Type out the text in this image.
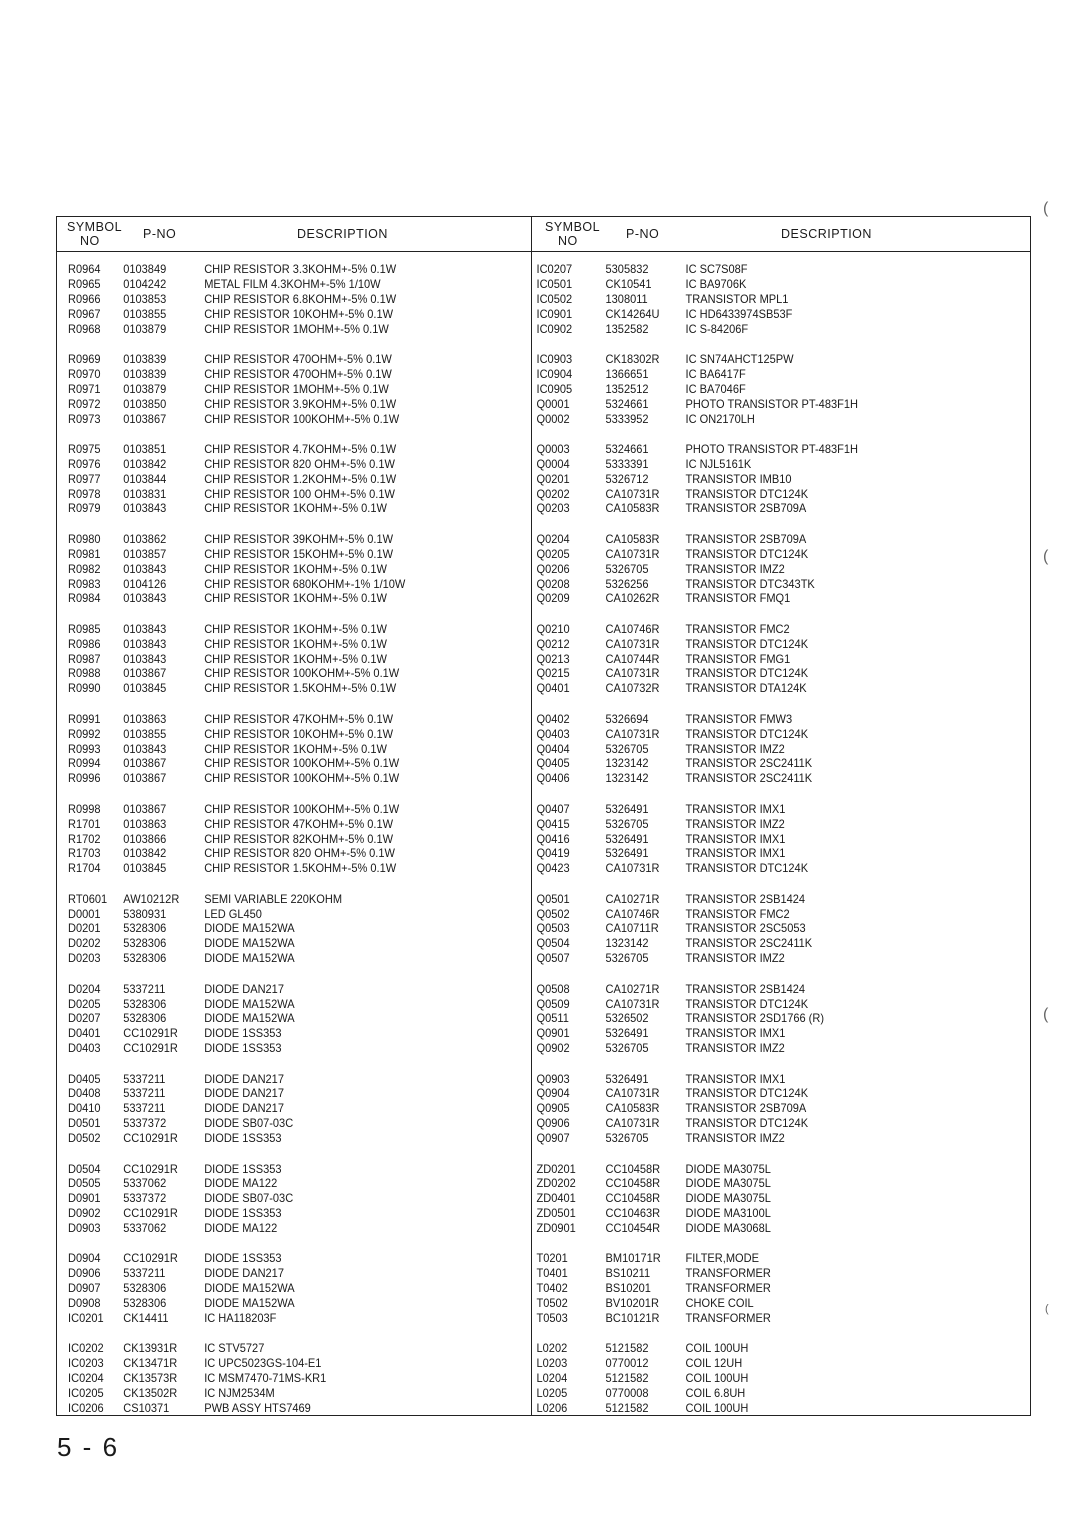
SYMBOL
NO	P-NO	DESCRIPTION
R0964 0103849	CHIP RESISTOR 3.3KOHM+-5% 0.1W
R0965 0104242	METAL FILM 4.3KOHM+-5% 1/10W
R0966 0103853	CHIP RESISTOR 6.8KOHM+-5% 0.1W
R0967 0103855	CHIP RESISTOR 10KOHM+-5% 0.1W
R0968 0103879	CHIP RESISTOR 1MOHM+-5% 0.1W
R0969 0103839	CHIP RESISTOR 470OHM+-5% 0.1W
R0970 0103839	CHIP RESISTOR 470OHM+-5% 0.1W
R0971 0103879	CHIP RESISTOR 1MOHM+-5% 0.1W
R0972 0103850	CHIP RESISTOR 3.9KOHM+-5% 0.1W
R0973 0103867	CHIP RESISTOR 100KOHM+-5% 0.1W
R0975 0103851	CHIP RESISTOR 4.7KOHM+-5% 0.1W
R0976 0103842	CHIP RESISTOR 820 OHM+-5% 0.1W
R0977 0103844	CHIP RESISTOR 1.2KOHM+-5% 0.1W
R0978 0103831	CHIP RESISTOR 100 OHM+-5% 0.1W
R0979 0103843	CHIP RESISTOR 1KOHM+-5% 0.1W
R0980 0103862	CHIP RESISTOR 39KOHM+-5% 0.1W
R0981 0103857	CHIP RESISTOR 15KOHM+-5% 0.1W
R0982 0103843	CHIP RESISTOR 1KOHM+-5% 0.1W
R0983 0104126	CHIP RESISTOR 680KOHM+-1% 1/10W
R0984 0103843	CHIP RESISTOR 1KOHM+-5% 0.1W
R0985 0103843	CHIP RESISTOR 1KOHM+-5% 0.1W
R0986 0103843	CHIP RESISTOR 1KOHM+-5% 0.1W
R0987 0103843	CHIP RESISTOR 1KOHM+-5% 0.1W
R0988 0103867	CHIP RESISTOR 100KOHM+-5% 0.1W
R0990 0103845	CHIP RESISTOR 1.5KOHM+-5% 0.1W
R0991 0103863	CHIP RESISTOR 47KOHM+-5% 0.1W
R0992 0103855	CHIP RESISTOR 10KOHM+-5% 0.1W
R0993 0103843	CHIP RESISTOR 1KOHM+-5% 0.1W
R0994 0103867	CHIP RESISTOR 100KOHM+-5% 0.1W
R0996 0103867	CHIP RESISTOR 100KOHM+-5% 0.1W
R0998 0103867	CHIP RESISTOR 100KOHM+-5% 0.1W
R1701 0103863	CHIP RESISTOR 47KOHM+-5% 0.1W
R1702 0103866	CHIP RESISTOR 82KOHM+-5% 0.1W
R1703 0103842	CHIP RESISTOR 820 OHM+-5% 0.1W
R1704 0103845	CHIP RESISTOR 1.5KOHM+-5% 0.1W
RT0601 AW10212R SEMI VARIABLE 220KOHM
D0001 5380931	LED GL450
D0201 5328306	DIODE MA152WA
D0202 5328306	DIODE MA152WA
D0203 5328306	DIODE MA152WA
D0204 5337211	DIODE DAN217
D0205 5328306	DIODE MA152WA
D0207 5328306	DIODE MA152WA
D0401 CC10291R DIODE 1SS353
D0403 CC10291R DIODE 1SS353
D0405 5337211	DIODE DAN217
D0408 5337211	DIODE DAN217
D0410 5337211	DIODE DAN217
D0501 5337372	DIODE SB07-03C
D0502 CC10291R DIODE 1SS353
D0504 CC10291R DIODE 1SS353
D0505 5337062	DIODE MA122
D0901 5337372	DIODE SB07-03C
D0902 CC10291R DIODE 1SS353
D0903 5337062	DIODE MA122
D0904 CC10291R DIODE 1SS353
D0906 5337211	DIODE DAN217
D0907 5328306	DIODE MA152WA
D0908 5328306	DIODE MA152WA
IC0201 CK14411	IC HA118203F
IC0202 CK13931R IC STV5727
IC0203 CK13471R IC UPC5023GS-104-E1
IC0204 CK13573R IC MSM7470-71MS-KR1
IC0205 CK13502R IC NJM2534M
IC0206 CS10371	PWB ASSY HTS7469
SYMBOL
NO	P-NO	DESCRIPTION
IC0207	5305832	IC SC7S08F
IC0501	CK10541	IC BA9706K
IC0502	1308011	TRANSISTOR MPL1
IC0901	CK14264U IC HD6433974SB53F
IC0902	1352582	IC S-84206F
IC0903	CK18302R IC SN74AHCT125PW
IC0904	1366651	IC BA6417F
IC0905	1352512	IC BA7046F
Q0001	5324661	PHOTO TRANSISTOR PT-483F1H
Q0002	5333952	IC ON2170LH
Q0003	5324661	PHOTO TRANSISTOR PT-483F1H
Q0004	5333391	IC NJL5161K
Q0201	5326712	TRANSISTOR IMB10
Q0202	CA10731R TRANSISTOR DTC124K
Q0203	CA10583R TRANSISTOR 2SB709A
Q0204	CA10583R TRANSISTOR 2SB709A
Q0205	CA10731R TRANSISTOR DTC124K
Q0206	5326705	TRANSISTOR IMZ2
Q0208	5326256	TRANSISTOR DTC343TK
Q0209	CA10262R TRANSISTOR FMQ1
Q0210	CA10746R TRANSISTOR FMC2
Q0212	CA10731R TRANSISTOR DTC124K
Q0213	CA10744R TRANSISTOR FMG1
Q0215	CA10731R TRANSISTOR DTC124K
Q0401	CA10732R TRANSISTOR DTA124K
Q0402	5326694	TRANSISTOR FMW3
Q0403	CA10731R TRANSISTOR DTC124K
Q0404	5326705	TRANSISTOR IMZ2
Q0405	1323142	TRANSISTOR 2SC2411K
Q0406	1323142	TRANSISTOR 2SC2411K
Q0407	5326491	TRANSISTOR IMX1
Q0415	5326705	TRANSISTOR IMZ2
Q0416	5326491	TRANSISTOR IMX1
Q0419	5326491	TRANSISTOR IMX1
Q0423	CA10731R TRANSISTOR DTC124K
Q0501	CA10271R TRANSISTOR 2SB1424
Q0502	CA10746R TRANSISTOR FMC2
Q0503	CA10711R TRANSISTOR 2SC5053
Q0504	1323142	TRANSISTOR 2SC2411K
Q0507	5326705	TRANSISTOR IMZ2
Q0508	CA10271R TRANSISTOR 2SB1424
Q0509	CA10731R TRANSISTOR DTC124K
Q0511	5326502	TRANSISTOR 2SD1766 (R)
Q0901	5326491	TRANSISTOR IMX1
Q0902	5326705	TRANSISTOR IMZ2
Q0903	5326491	TRANSISTOR IMX1
Q0904	CA10731R TRANSISTOR DTC124K
Q0905	CA10583R TRANSISTOR 2SB709A
Q0906	CA10731R TRANSISTOR DTC124K
Q0907	5326705	TRANSISTOR IMZ2
ZD0201 CC10458R DIODE MA3075L
ZD0202 CC10458R DIODE MA3075L
ZD0401 CC10458R DIODE MA3075L
ZD0501 CC10463R DIODE MA3100L
ZD0901 CC10454R DIODE MA3068L
T0201	BM10171R FILTER,MODE
T0401	BS10211	TRANSFORMER
T0402	BS10201	TRANSFORMER
T0502	BV10201R CHOKE COIL
T0503	BC10121R TRANSFORMER
L0202	5121582	COIL 100UH
L0203	0770012	COIL 12UH
L0204	5121582	COIL 100UH
L0205	0770008	COIL 6.8UH
L0206	5121582	COIL 100UH
5 - 6
(
(
(
(
